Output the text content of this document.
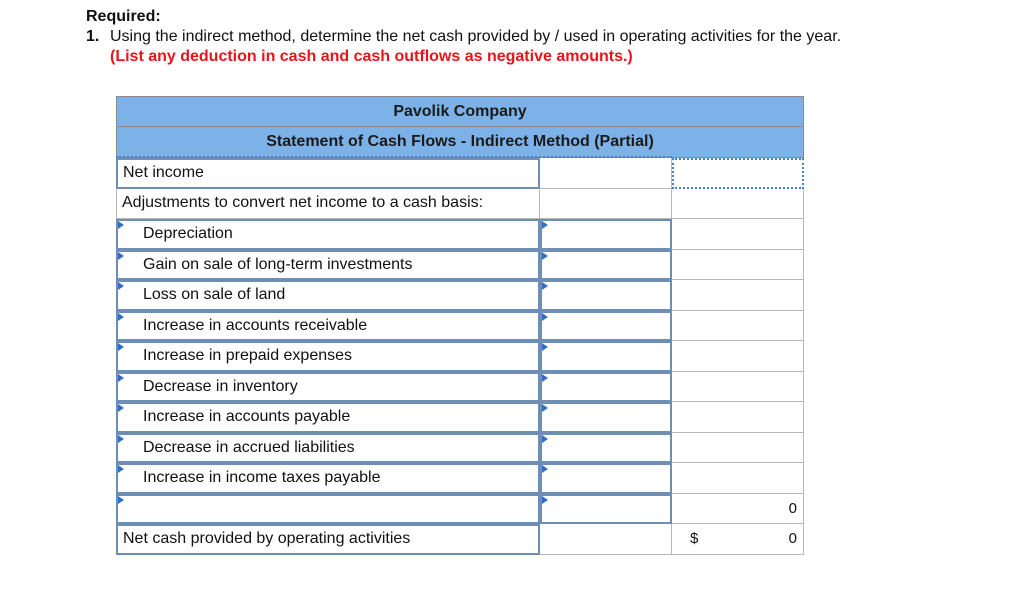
Required:
1. Using the indirect method, determine the net cash provided by / used in operating activities for the year.
(List any deduction in cash and cash outflows as negative amounts.)
Pavolik Company
Statement of Cash Flows - Indirect Method (Partial)
Net income
Adjustments to convert net income to a cash basis:
Depreciation
Gain on sale of long-term investments
Loss on sale of land
Increase in accounts receivable
Increase in prepaid expenses
Decrease in inventory
Increase in accounts payable
Decrease in accrued liabilities
Increase in income taxes payable
0
Net cash provided by operating activities	$	0
